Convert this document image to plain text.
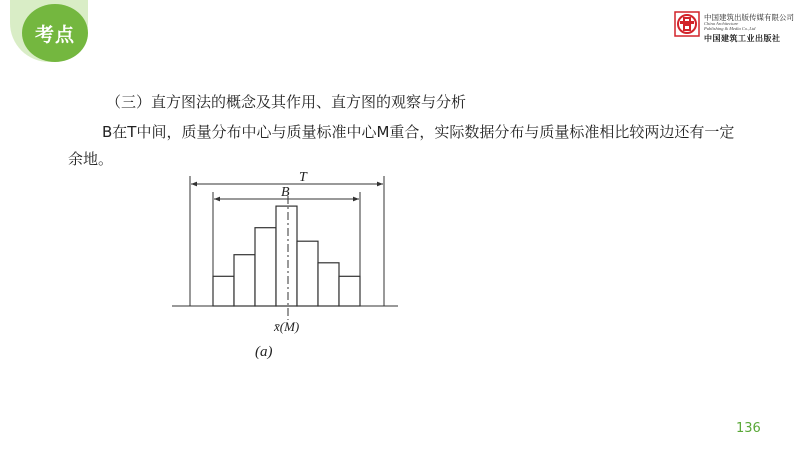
考点
中国建筑出版传媒有限公司
China Architecture
Publishing & Media Co.,Ltd
中国建筑工业出版社
（三）直方图法的概念及其作用、直方图的观察与分析
B在T中间，质量分布中心与质量标准中心M重合，实际数据分布与质量标准相比较两边还有一定余地。
T
B
x̄(M)
(a)
136
